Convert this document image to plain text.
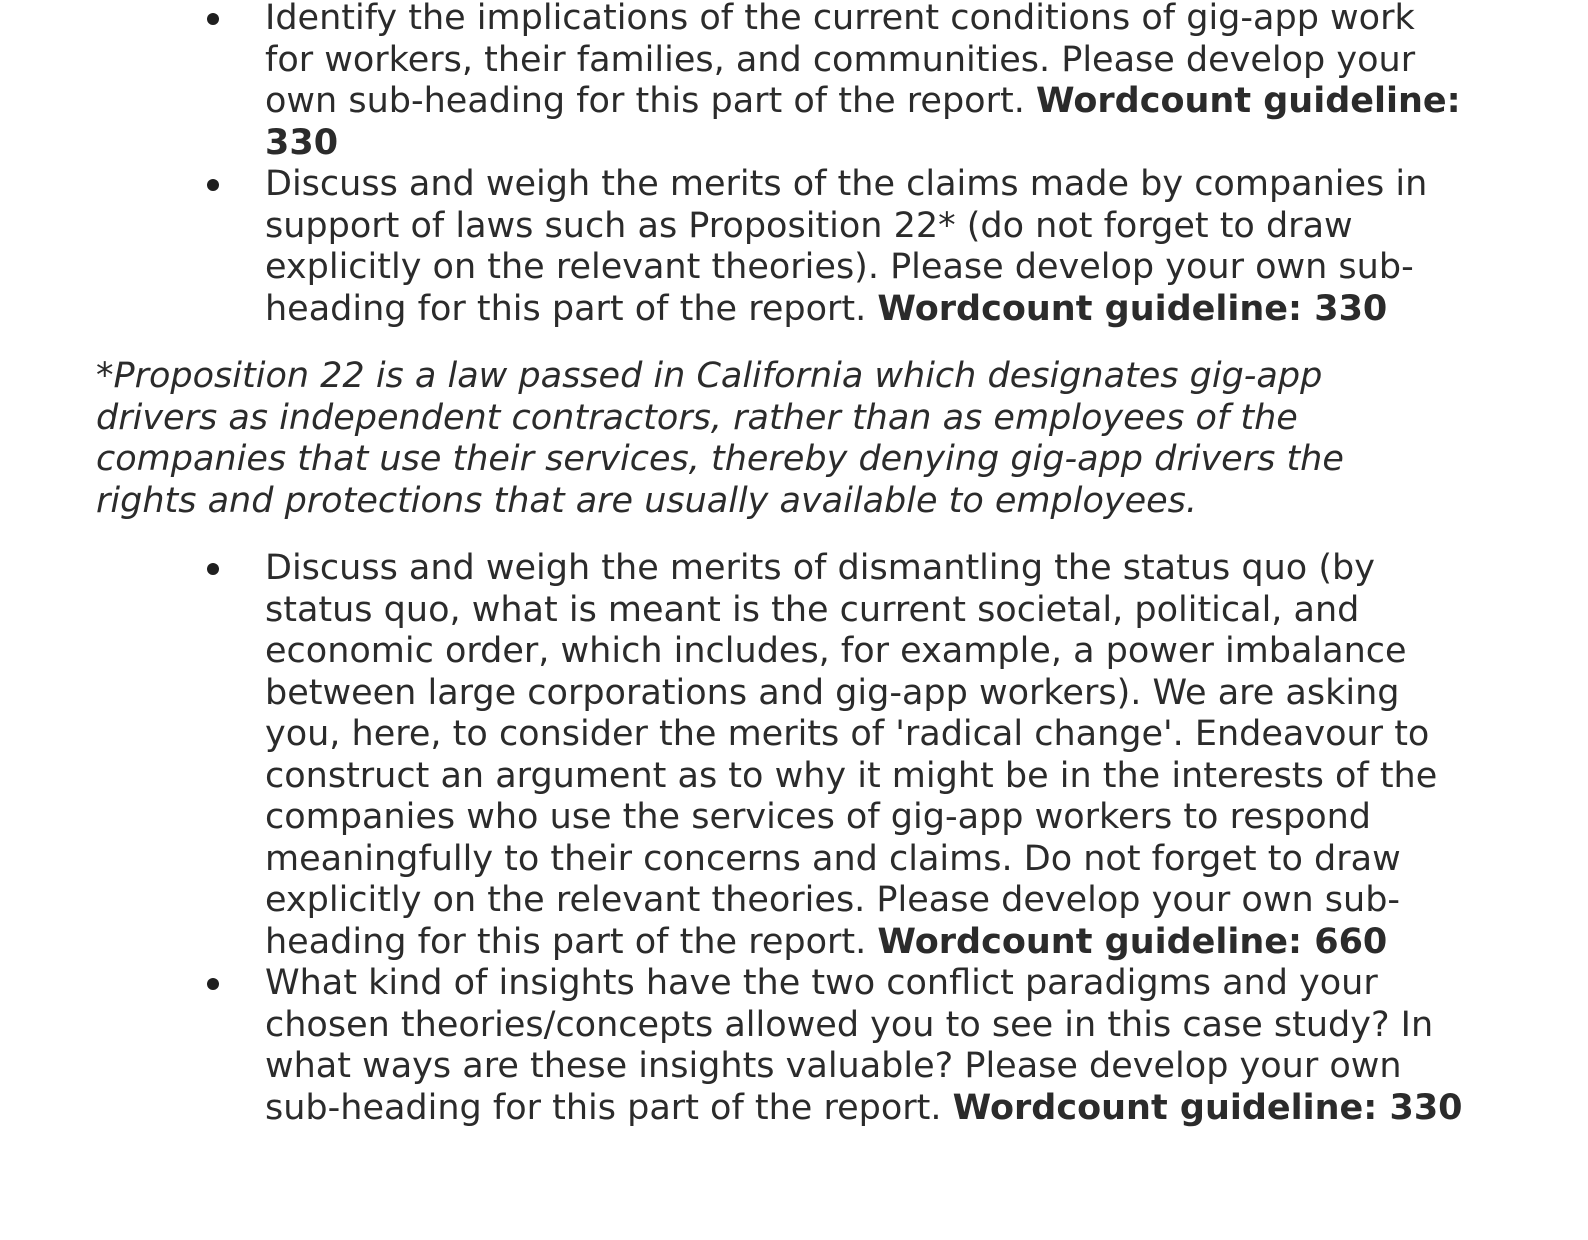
Identify the implications of the current conditions of gig-app work for workers, their families, and communities. Please develop your own sub-heading for this part of the report. Wordcount guideline: 330
Discuss and weigh the merits of the claims made by companies in support of laws such as Proposition 22* (do not forget to draw explicitly on the relevant theories). Please develop your own sub-heading for this part of the report. Wordcount guideline: 330

*Proposition 22 is a law passed in California which designates gig-app drivers as independent contractors, rather than as employees of the companies that use their services, thereby denying gig-app drivers the rights and protections that are usually available to employees.

Discuss and weigh the merits of dismantling the status quo (by status quo, what is meant is the current societal, political, and economic order, which includes, for example, a power imbalance between large corporations and gig-app workers). We are asking you, here, to consider the merits of 'radical change'. Endeavour to construct an argument as to why it might be in the interests of the companies who use the services of gig-app workers to respond meaningfully to their concerns and claims. Do not forget to draw explicitly on the relevant theories. Please develop your own sub-heading for this part of the report. Wordcount guideline: 660
What kind of insights have the two conflict paradigms and your chosen theories/concepts allowed you to see in this case study? In what ways are these insights valuable? Please develop your own sub-heading for this part of the report. Wordcount guideline: 330
